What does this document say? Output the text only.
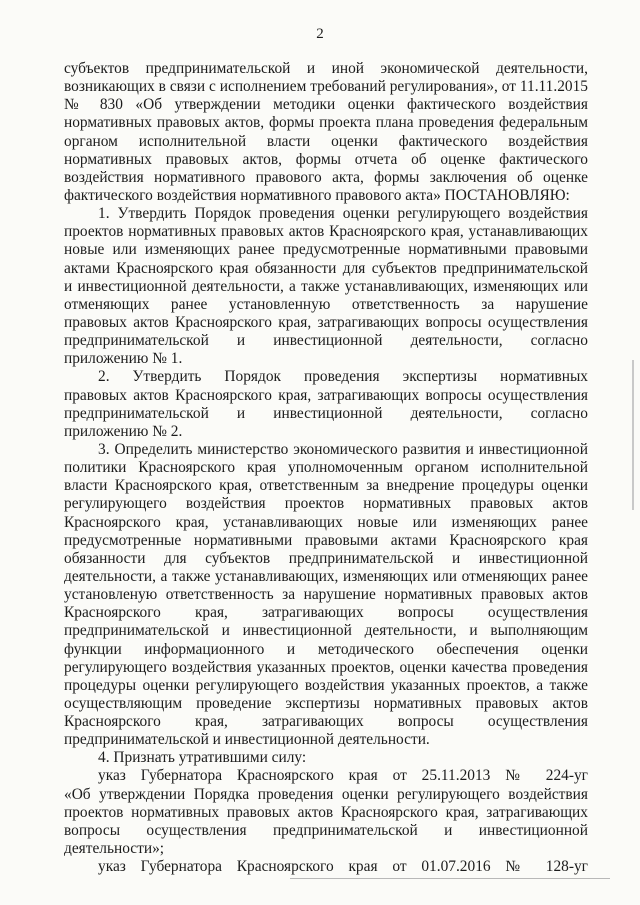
2
субъектов предпринимательской и иной экономической деятельности,
возникающих в связи с исполнением требований регулирования», от 11.11.2015
№ 830 «Об утверждении методики оценки фактического воздействия
нормативных правовых актов, формы проекта плана проведения федеральным
органом исполнительной власти оценки фактического воздействия
нормативных правовых актов, формы отчета об оценке фактического
воздействия нормативного правового акта, формы заключения об оценке
фактического воздействия нормативного правового акта» ПОСТАНОВЛЯЮ:
1. Утвердить Порядок проведения оценки регулирующего воздействия
проектов нормативных правовых актов Красноярского края, устанавливающих
новые или изменяющих ранее предусмотренные нормативными правовыми
актами Красноярского края обязанности для субъектов предпринимательской
и инвестиционной деятельности, а также устанавливающих, изменяющих или
отменяющих ранее установленную ответственность за нарушение
правовых актов Красноярского края, затрагивающих вопросы осуществления
предпринимательской и инвестиционной деятельности, согласно
приложению № 1.
2. Утвердить Порядок проведения экспертизы нормативных
правовых актов Красноярского края, затрагивающих вопросы осуществления
предпринимательской и инвестиционной деятельности, согласно
приложению № 2.
3. Определить министерство экономического развития и инвестиционной
политики Красноярского края уполномоченным органом исполнительной
власти Красноярского края, ответственным за внедрение процедуры оценки
регулирующего воздействия проектов нормативных правовых актов
Красноярского края, устанавливающих новые или изменяющих ранее
предусмотренные нормативными правовыми актами Красноярского края
обязанности для субъектов предпринимательской и инвестиционной
деятельности, а также устанавливающих, изменяющих или отменяющих ранее
установленую ответственность за нарушение нормативных правовых актов
Красноярского края, затрагивающих вопросы осуществления
предпринимательской и инвестиционной деятельности, и выполняющим
функции информационного и методического обеспечения оценки
регулирующего воздействия указанных проектов, оценки качества проведения
процедуры оценки регулирующего воздействия указанных проектов, а также
осуществляющим проведение экспертизы нормативных правовых актов
Красноярского края, затрагивающих вопросы осуществления
предпринимательской и инвестиционной деятельности.
4. Признать утратившими силу:
указ Губернатора Красноярского края от 25.11.2013 № 224-уг
«Об утверждении Порядка проведения оценки регулирующего воздействия
проектов нормативных правовых актов Красноярского края, затрагивающих
вопросы осуществления предпринимательской и инвестиционной
деятельности»;
указ Губернатора Красноярского края от 01.07.2016 № 128-уг
